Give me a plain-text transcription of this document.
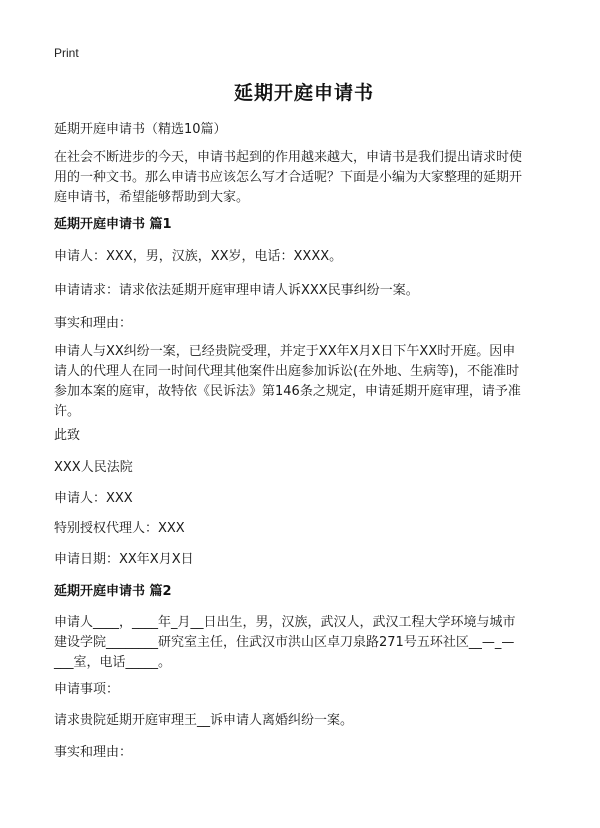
Print
延期开庭申请书
延期开庭申请书（精选10篇）
在社会不断进步的今天，申请书起到的作用越来越大，申请书是我们提出请求时使
用的一种文书。那么申请书应该怎么写才合适呢？下面是小编为大家整理的延期开
庭申请书，希望能够帮助到大家。
延期开庭申请书 篇1
申请人：XXX，男，汉族，XX岁，电话：XXXX。
申请请求：请求依法延期开庭审理申请人诉XXX民事纠纷一案。
事实和理由：
申请人与XX纠纷一案，已经贵院受理，并定于XX年X月X日下午XX时开庭。因申
请人的代理人在同一时间代理其他案件出庭参加诉讼(在外地、生病等)，不能准时
参加本案的庭审，故特依《民诉法》第146条之规定，申请延期开庭审理，请予准
许。
此致
XXX人民法院
申请人：XXX
特别授权代理人：XXX
申请日期：XX年X月X日
延期开庭申请书 篇2
申请人____，____年_月__日出生，男，汉族，武汉人，武汉工程大学环境与城市
建设学院________研究室主任，住武汉市洪山区卓刀泉路271号五环社区__—_—
___室，电话_____。
申请事项：
请求贵院延期开庭审理王__诉申请人离婚纠纷一案。
事实和理由：
